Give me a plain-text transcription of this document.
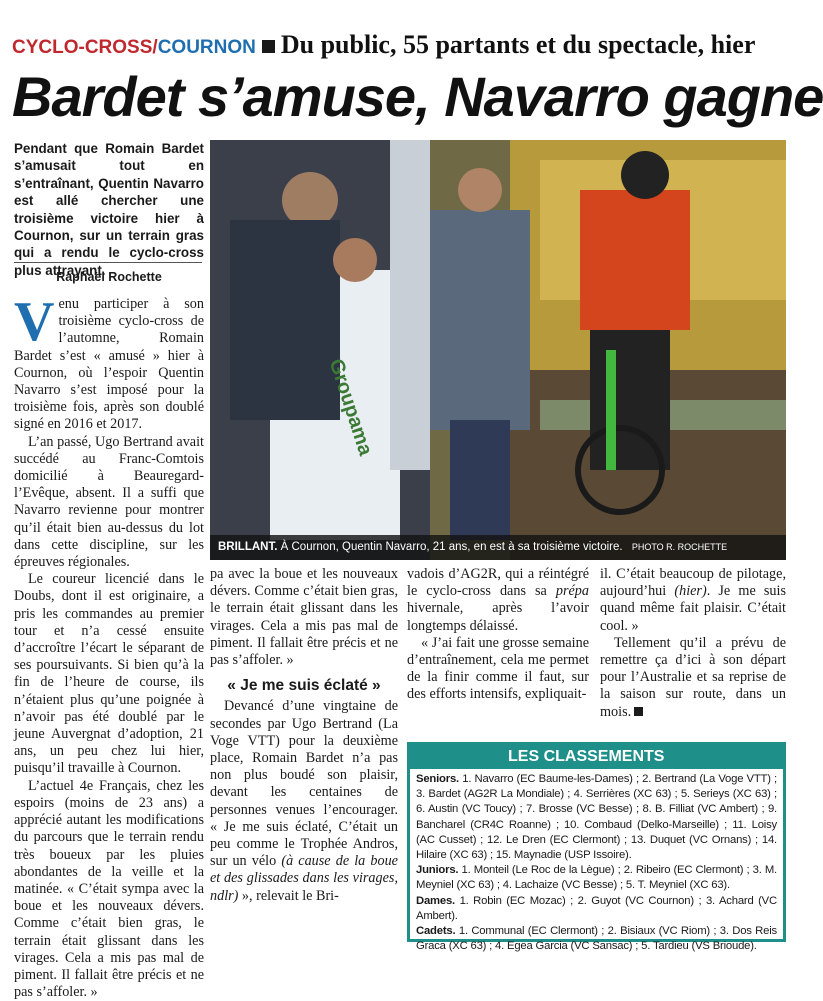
CYCLO-CROSS/COURNON Du public, 55 partants et du spectacle, hier
Bardet s’amuse, Navarro gagne
Pendant que Romain Bardet s’amusait tout en s’entraînant, Quentin Navarro est allé chercher une troisième victoire hier à Cournon, sur un terrain gras qui a rendu le cyclo-cross plus attrayant.
Raphaël Rochette

Venu participer à son troisième cyclo-cross de l’automne, Romain Bardet s’est « amusé » hier à Cournon, où l’espoir Quentin Navarro s’est imposé pour la troisième fois, après son doublé signé en 2016 et 2017.

L’an passé, Ugo Bertrand avait succédé au Franc-Comtois domicilié à Beauregard-l’Evêque, absent. Il a suffi que Navarro revienne pour montrer qu’il était bien au-dessus du lot dans cette discipline, sur les épreuves régionales.

Le coureur licencié dans le Doubs, dont il est originaire, a pris les commandes au premier tour et n’a cessé ensuite d’accroître l’écart le séparant de ses poursuivants. Si bien qu’à la fin de l’heure de course, ils n’étaient plus qu’une poignée à n’avoir pas été doublé par le jeune Auvergnat d’adoption, 21 ans, un peu chez lui hier, puisqu’il travaille à Cournon.

L’actuel 4e Français, chez les espoirs (moins de 23 ans) a apprécié autant les modifications du parcours que le terrain rendu très boueux par les pluies abondantes de la veille et la matinée. « C’était sympa avec la boue et les nouveaux dévers. Comme c’était bien gras, le terrain était glissant dans les virages. Cela a mis pas mal de piment. Il fallait être précis et ne pas s’affoler. »

pa avec la boue et les nouveaux dévers. Comme c’était bien gras, le terrain était glissant dans les virages. Cela a mis pas mal de piment. Il fallait être précis et ne pas s’affoler. »

« Je me suis éclaté »

Devancé d’une vingtaine de secondes par Ugo Bertrand (La Voge VTT) pour la deuxième place, Romain Bardet n’a pas non plus boudé son plaisir, devant les centaines de personnes venues l’encourager. « Je me suis éclaté, C’était un peu comme le Trophée Andros, sur un vélo (à cause de la boue et des glissades dans les virages, ndlr) », relevait le Bri-

vadois d’AG2R, qui a réintégré le cyclo-cross dans sa prépa hivernale, après l’avoir longtemps délaissé.

« J’ai fait une grosse semaine d’entraînement, cela me permet de la finir comme il faut, sur des efforts intensifs, expliquait-

il. C’était beaucoup de pilotage, aujourd’hui (hier). Je me suis quand même fait plaisir. C’était cool. »

Tellement qu’il a prévu de remettre ça d’ici à son départ pour l’Australie et sa reprise de la saison sur route, dans un mois.

Groupama
BRILLANT. À Cournon, Quentin Navarro, 21 ans, en est à sa troisième victoire. PHOTO R. ROCHETTE
LES CLASSEMENTS
Seniors. 1. Navarro (EC Baume-les-Dames) ; 2. Bertrand (La Voge VTT) ; 3. Bardet (AG2R La Mondiale) ; 4. Serrières (XC 63) ; 5. Serieys (XC 63) ; 6. Austin (VC Toucy) ; 7. Brosse (VC Besse) ; 8. B. Filliat (VC Ambert) ; 9. Bancharel (CR4C Roanne) ; 10. Combaud (Delko-Marseille) ; 11. Loisy (AC Cusset) ; 12. Le Dren (EC Clermont) ; 13. Duquet (VC Ornans) ; 14. Hilaire (XC 63) ; 15. Maynadie (USP Issoire).
Juniors. 1. Monteil (Le Roc de la Lègue) ; 2. Ribeiro (EC Clermont) ; 3. M. Meyniel (XC 63) ; 4. Lachaize (VC Besse) ; 5. T. Meyniel (XC 63).
Dames. 1. Robin (EC Mozac) ; 2. Guyot (VC Cournon) ; 3. Achard (VC Ambert).
Cadets. 1. Communal (EC Clermont) ; 2. Bisiaux (VC Riom) ; 3. Dos Reis Graca (XC 63) ; 4. Egea Garcia (VC Sansac) ; 5. Tardieu (VS Brioude).
